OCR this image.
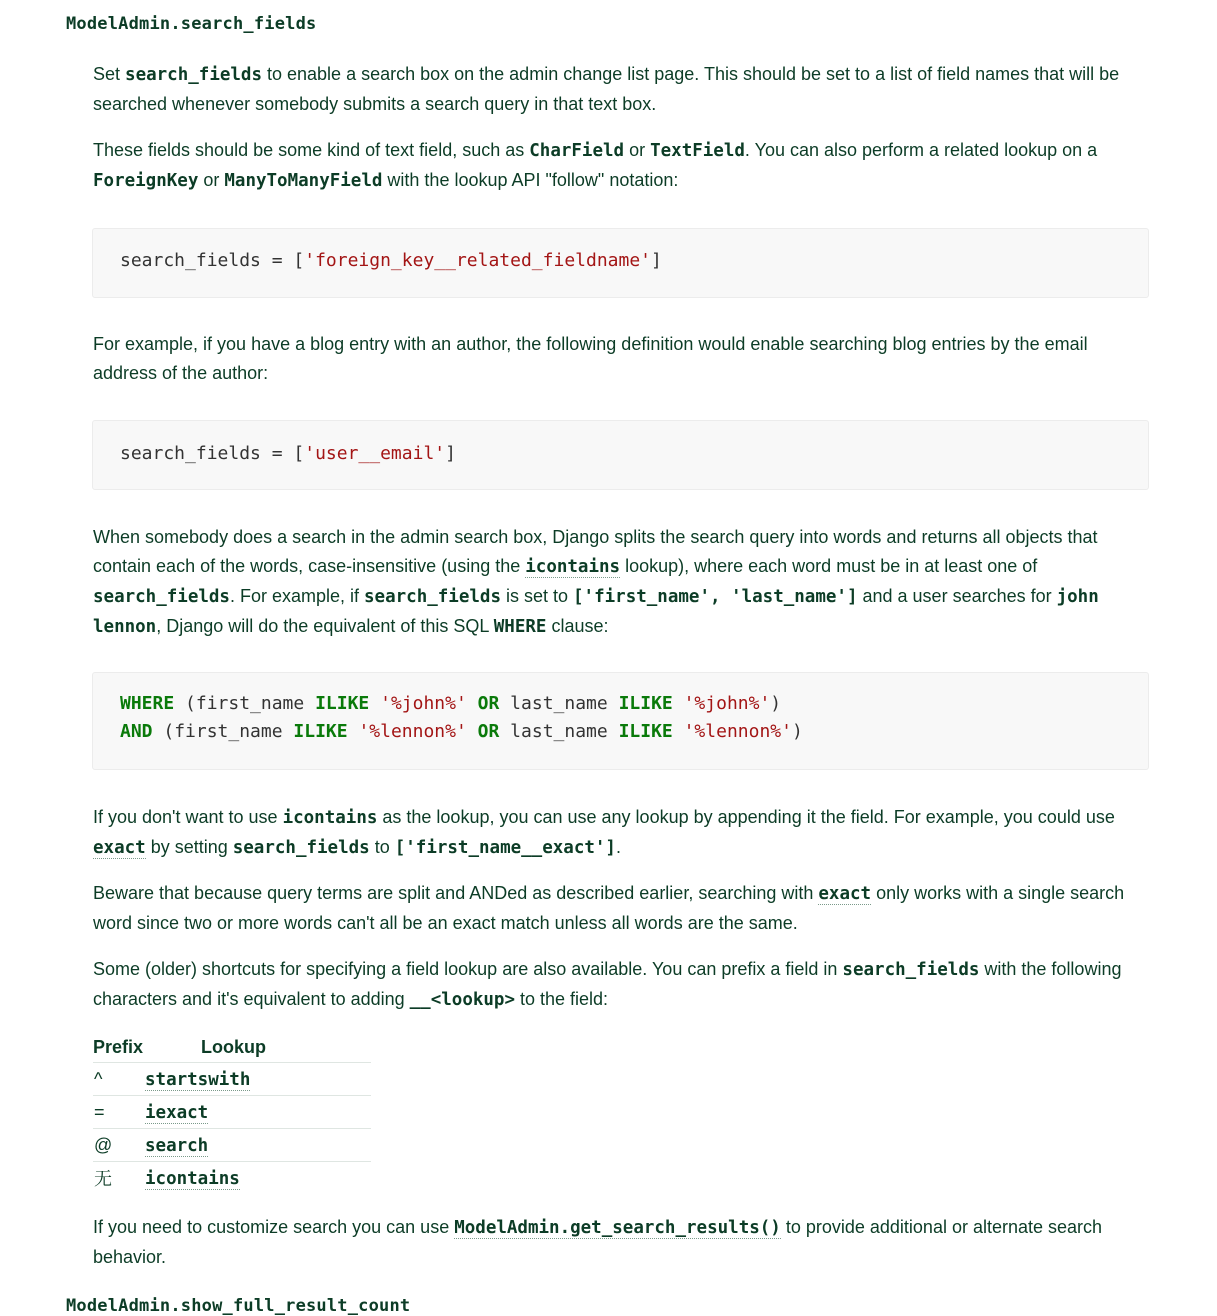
ModelAdmin.search_fields
Set search_fields to enable a search box on the admin change list page. This should be set to a list of field names that will be searched whenever somebody submits a search query in that text box.
These fields should be some kind of text field, such as CharField or TextField. You can also perform a related lookup on a ForeignKey or ManyToManyField with the lookup API "follow" notation:
search_fields = ['foreign_key__related_fieldname']
For example, if you have a blog entry with an author, the following definition would enable searching blog entries by the email address of the author:
search_fields = ['user__email']
When somebody does a search in the admin search box, Django splits the search query into words and returns all objects that contain each of the words, case-insensitive (using the icontains lookup), where each word must be in at least one of search_fields. For example, if search_fields is set to ['first_name', 'last_name'] and a user searches for john lennon, Django will do the equivalent of this SQL WHERE clause:
WHERE (first_name ILIKE '%john%' OR last_name ILIKE '%john%')
AND (first_name ILIKE '%lennon%' OR last_name ILIKE '%lennon%')
If you don't want to use icontains as the lookup, you can use any lookup by appending it the field. For example, you could use exact by setting search_fields to ['first_name__exact'].
Beware that because query terms are split and ANDed as described earlier, searching with exact only works with a single search word since two or more words can't all be an exact match unless all words are the same.
Some (older) shortcuts for specifying a field lookup are also available. You can prefix a field in search_fields with the following characters and it's equivalent to adding __<lookup> to the field:
Prefix	Lookup
^	startswith
=	iexact
@	search
无	icontains
If you need to customize search you can use ModelAdmin.get_search_results() to provide additional or alternate search behavior.
ModelAdmin.show_full_result_count
